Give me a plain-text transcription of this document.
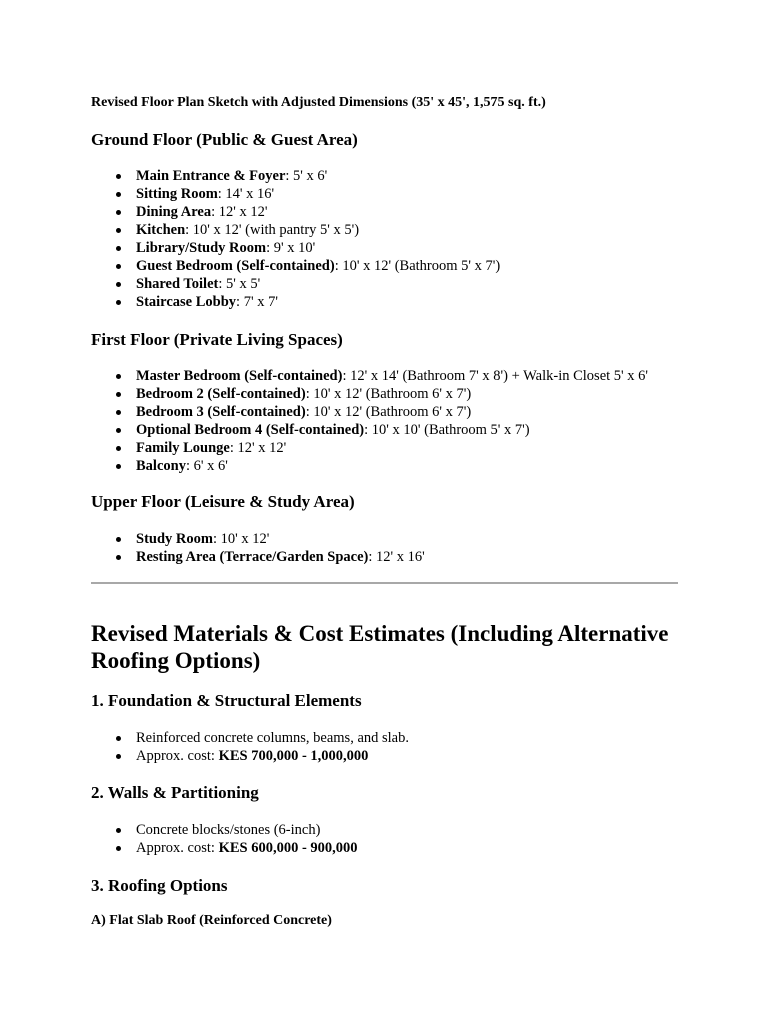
Revised Floor Plan Sketch with Adjusted Dimensions (35' x 45', 1,575 sq. ft.)

Ground Floor (Public & Guest Area)
Main Entrance & Foyer: 5' x 6'
Sitting Room: 14' x 16'
Dining Area: 12' x 12'
Kitchen: 10' x 12' (with pantry 5' x 5')
Library/Study Room: 9' x 10'
Guest Bedroom (Self-contained): 10' x 12' (Bathroom 5' x 7')
Shared Toilet: 5' x 5'
Staircase Lobby: 7' x 7'
First Floor (Private Living Spaces)
Master Bedroom (Self-contained): 12' x 14' (Bathroom 7' x 8') + Walk-in Closet 5' x 6'
Bedroom 2 (Self-contained): 10' x 12' (Bathroom 6' x 7')
Bedroom 3 (Self-contained): 10' x 12' (Bathroom 6' x 7')
Optional Bedroom 4 (Self-contained): 10' x 10' (Bathroom 5' x 7')
Family Lounge: 12' x 12'
Balcony: 6' x 6'
Upper Floor (Leisure & Study Area)
Study Room: 10' x 12'
Resting Area (Terrace/Garden Space): 12' x 16'
Revised Materials & Cost Estimates (Including Alternative Roofing Options)
1. Foundation & Structural Elements
Reinforced concrete columns, beams, and slab.
Approx. cost: KES 700,000 - 1,000,000
2. Walls & Partitioning
Concrete blocks/stones (6-inch)
Approx. cost: KES 600,000 - 900,000
3. Roofing Options
A) Flat Slab Roof (Reinforced Concrete)
